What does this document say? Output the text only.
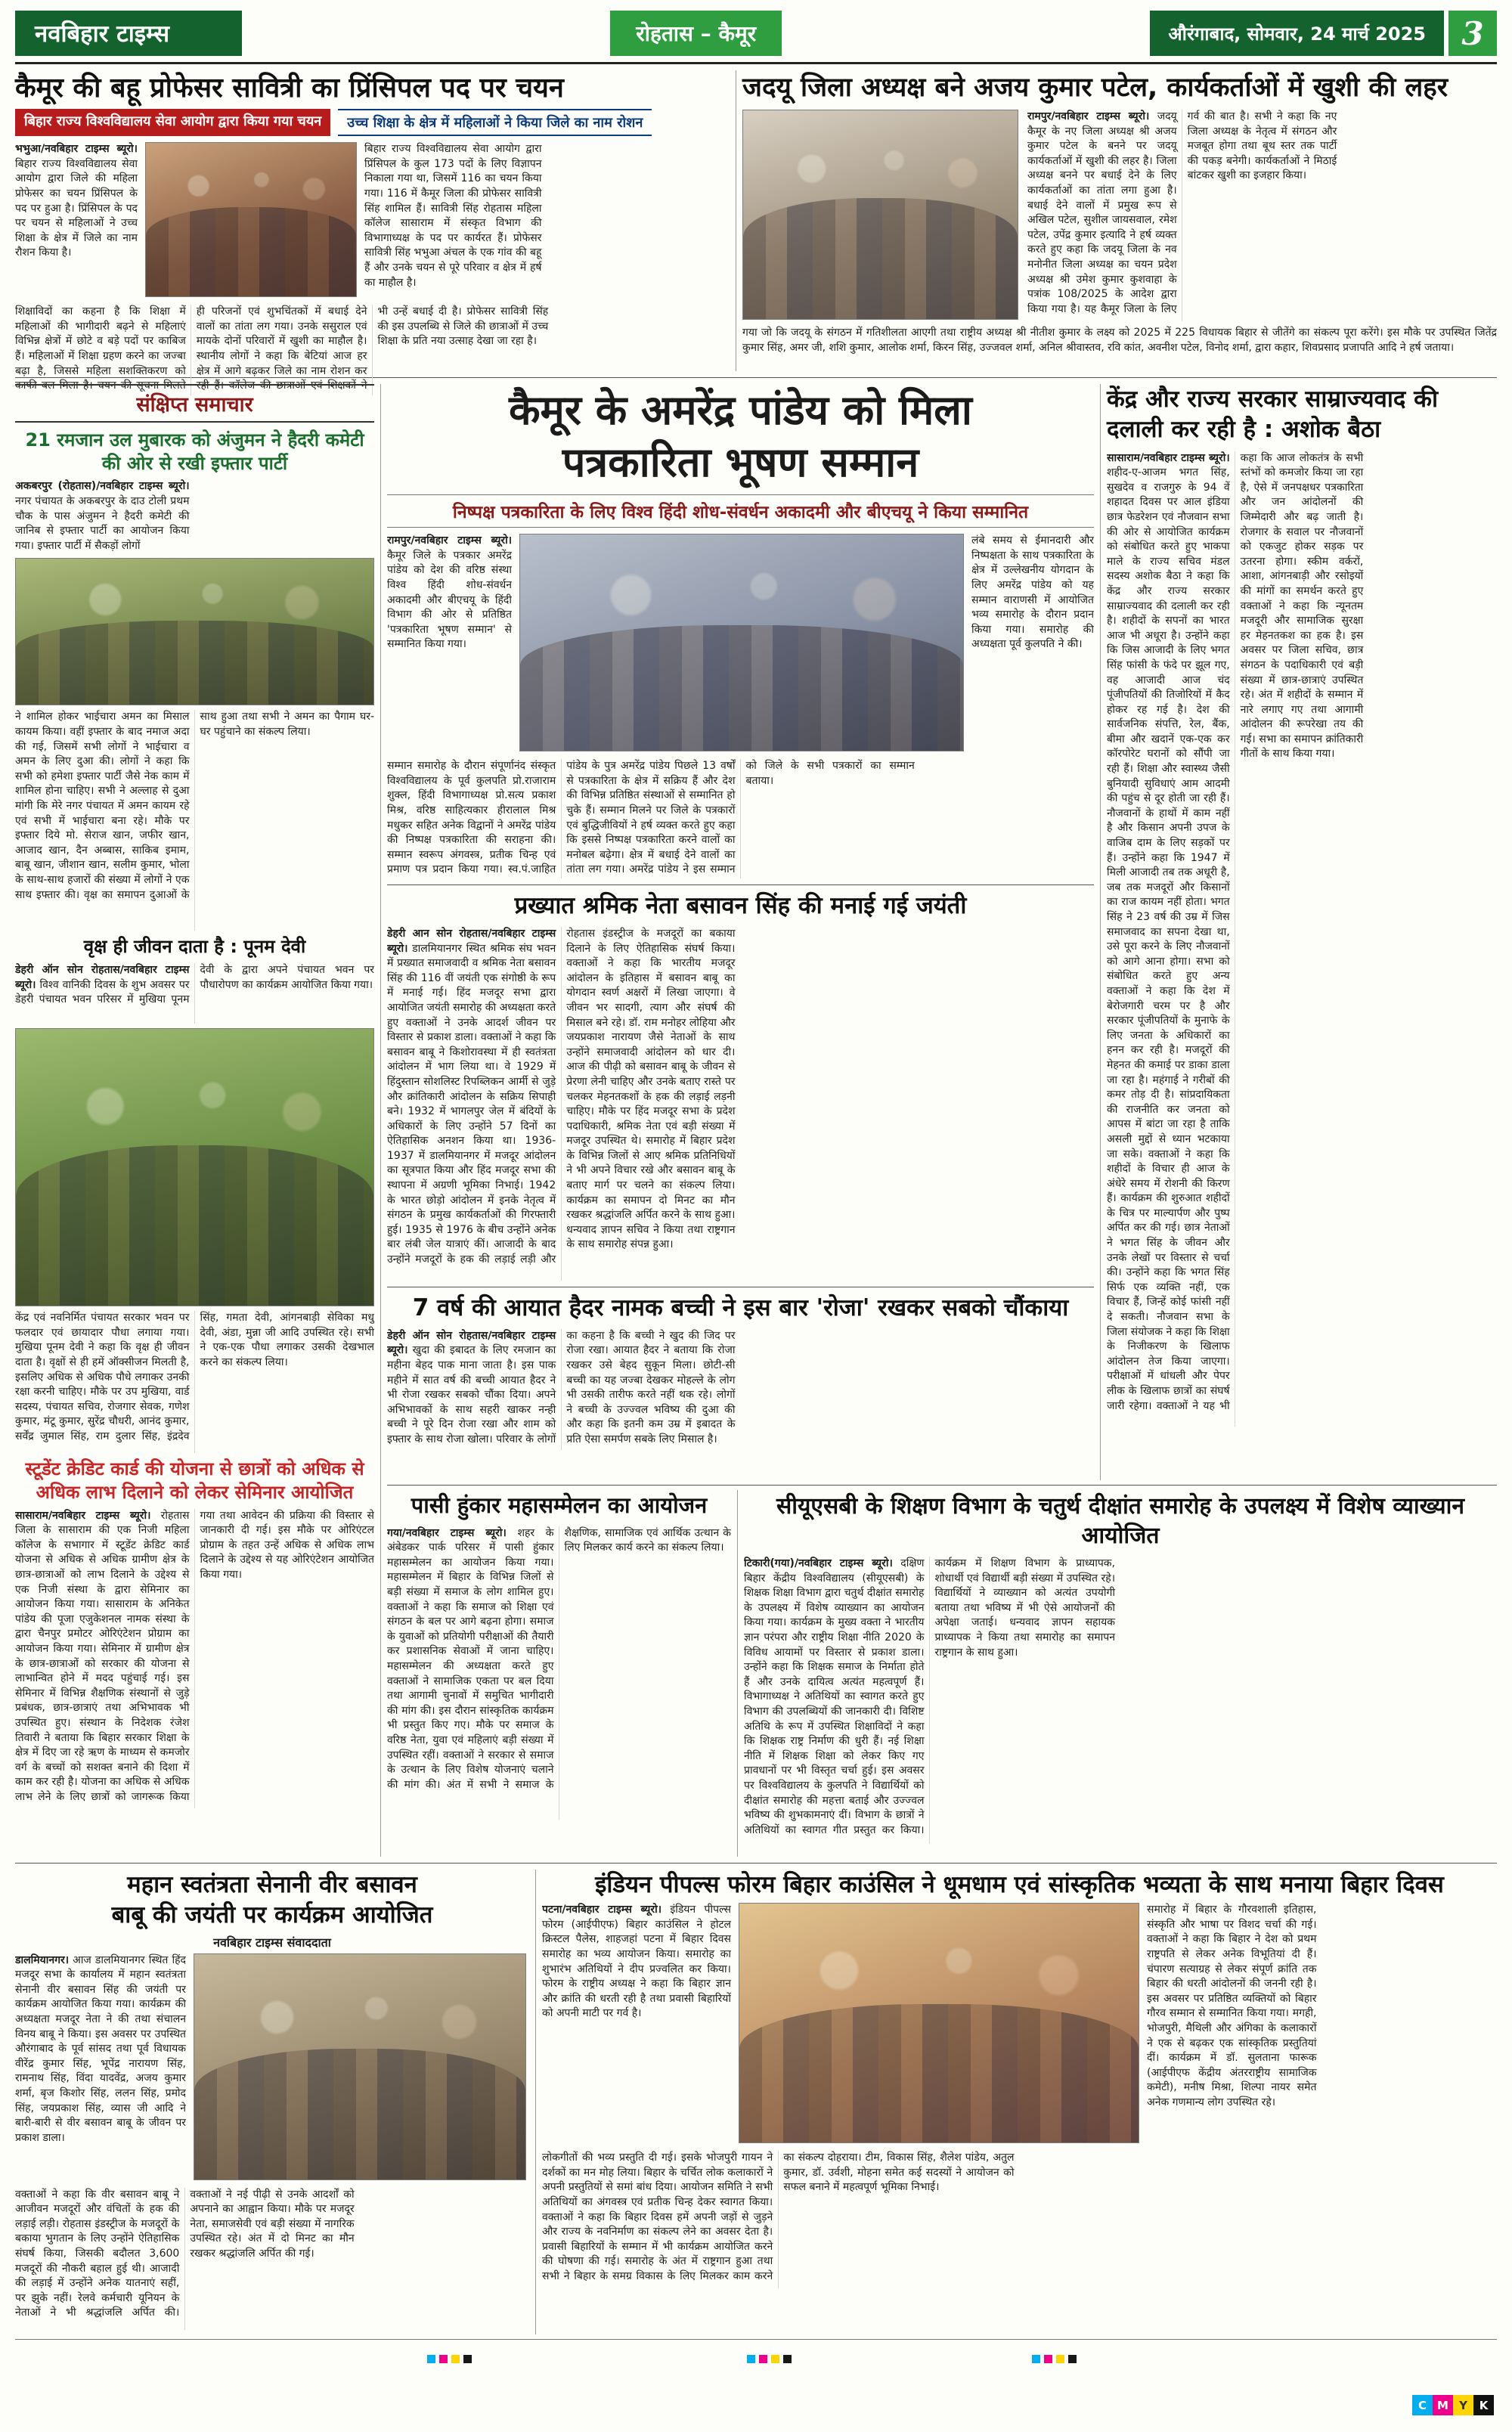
नवबिहार टाइम्स	रोहतास – कैमूर	औरंगाबाद, सोमवार, 24 मार्च 2025	3
कैमूर की बहू प्रोफेसर सावित्री का प्रिंसिपल पद पर चयन
बिहार राज्य विश्वविद्यालय सेवा आयोग द्वारा किया गया चयन	उच्च शिक्षा के क्षेत्र में महिलाओं ने किया जिले का नाम रोशन
भभुआ/नवबिहार टाइम्स ब्यूरो। बिहार राज्य विश्वविद्यालय सेवा आयोग द्वारा जिले की महिला प्रोफेसर का चयन प्रिंसिपल के पद पर हुआ है। प्रिंसिपल के पद पर चयन से महिलाओं ने उच्च शिक्षा के क्षेत्र में जिले का नाम रौशन किया है।
बिहार राज्य विश्वविद्यालय सेवा आयोग द्वारा प्रिंसिपल के कुल 173 पदों के लिए विज्ञापन निकाला गया था, जिसमें 116 का चयन किया गया। 116 में कैमूर जिला की प्रोफेसर सावित्री सिंह शामिल हैं। सावित्री सिंह रोहतास महिला कॉलेज सासाराम में संस्कृत विभाग की विभागाध्यक्ष के पद पर कार्यरत हैं। प्रोफेसर सावित्री सिंह भभुआ अंचल के एक गांव की बहू हैं और उनके चयन से पूरे परिवार व क्षेत्र में हर्ष का माहौल है।
शिक्षाविदों का कहना है कि शिक्षा में महिलाओं की भागीदारी बढ़ने से महिलाएं विभिन्न क्षेत्रों में छोटे व बड़े पदों पर काबिज हैं। महिलाओं में शिक्षा ग्रहण करने का जज्बा बढ़ा है, जिससे महिला सशक्तिकरण को काफी बल मिला है। चयन की सूचना मिलते ही परिजनों एवं शुभचिंतकों में बधाई देने वालों का तांता लग गया। उनके ससुराल एवं मायके दोनों परिवारों में खुशी का माहौल है। स्थानीय लोगों ने कहा कि बेटियां आज हर क्षेत्र में आगे बढ़कर जिले का नाम रोशन कर रही हैं। कॉलेज की छात्राओं एवं शिक्षकों ने भी उन्हें बधाई दी है। प्रोफेसर सावित्री सिंह की इस उपलब्धि से जिले की छात्राओं में उच्च शिक्षा के प्रति नया उत्साह देखा जा रहा है।
जदयू जिला अध्यक्ष बने अजय कुमार पटेल, कार्यकर्ताओं में खुशी की लहर
रामपुर/नवबिहार टाइम्स ब्यूरो। जदयू कैमूर के नए जिला अध्यक्ष श्री अजय कुमार पटेल के बनने पर जदयू कार्यकर्ताओं में खुशी की लहर है। जिला अध्यक्ष बनने पर बधाई देने के लिए कार्यकर्ताओं का तांता लगा हुआ है। बधाई देने वालों में प्रमुख रूप से अखिल पटेल, सुशील जायसवाल, रमेश पटेल, उपेंद्र कुमार इत्यादि ने हर्ष व्यक्त करते हुए कहा कि जदयू जिला के नव मनोनीत जिला अध्यक्ष का चयन प्रदेश अध्यक्ष श्री उमेश कुमार कुशवाहा के पत्रांक 108/2025 के आदेश द्वारा किया गया है। यह कैमूर जिला के लिए गर्व की बात है। सभी ने कहा कि नए जिला अध्यक्ष के नेतृत्व में संगठन और मजबूत होगा तथा बूथ स्तर तक पार्टी की पकड़ बनेगी। कार्यकर्ताओं ने मिठाई बांटकर खुशी का इजहार किया।
गया जो कि जदयू के संगठन में गतिशीलता आएगी तथा राष्ट्रीय अध्यक्ष श्री नीतीश कुमार के लक्ष्य को 2025 में 225 विधायक बिहार से जीतेंगे का संकल्प पूरा करेंगे। इस मौके पर उपस्थित जितेंद्र कुमार सिंह, अमर जी, शशि कुमार, आलोक शर्मा, किरन सिंह, उज्जवल शर्मा, अनिल श्रीवास्तव, रवि कांत, अवनीश पटेल, विनोद शर्मा, द्वारा कहार, शिवप्रसाद प्रजापति आदि ने हर्ष जताया।
संक्षिप्त समाचार
21 रमजान उल मुबारक को अंजुमन ने हैदरी कमेटी की ओर से रखी इफ्तार पार्टी
अकबरपुर (रोहतास)/नवबिहार टाइम्स ब्यूरो। नगर पंचायत के अकबरपुर के दाउ टोली प्रथम चौक के पास अंजुमन ने हैदरी कमेटी की जानिब से इफ्तार पार्टी का आयोजन किया गया। इफ्तार पार्टी में सैकड़ों लोगों
ने शामिल होकर भाईचारा अमन का मिसाल कायम किया। वहीं इफ्तार के बाद नमाज अदा की गई, जिसमें सभी लोगों ने भाईचारा व अमन के लिए दुआ की। लोगों ने कहा कि सभी को हमेशा इफ्तार पार्टी जैसे नेक काम में शामिल होना चाहिए। सभी ने अल्लाह से दुआ मांगी कि मेरे नगर पंचायत में अमन कायम रहे एवं सभी में भाईचारा बना रहे। मौके पर इफ्तार दिये मो. सेराज खान, जफीर खान, आजाद खान, दैन अब्बास, साकिब इमाम, बाबू खान, जीशान खान, सलीम कुमार, भोला के साथ-साथ हजारों की संख्या में लोगों ने एक साथ इफ्तार की। वृक्ष का समापन दुआओं के साथ हुआ तथा सभी ने अमन का पैगाम घर-घर पहुंचाने का संकल्प लिया।
वृक्ष ही जीवन दाता है : पूनम देवी
डेहरी ऑन सोन रोहतास/नवबिहार टाइम्स ब्यूरो। विश्व वानिकी दिवस के शुभ अवसर पर डेहरी पंचायत भवन परिसर में मुखिया पूनम देवी के द्वारा अपने पंचायत भवन पर पौधारोपण का कार्यक्रम आयोजित किया गया।
केंद्र एवं नवनिर्मित पंचायत सरकार भवन पर फलदार एवं छायादार पौधा लगाया गया। मुखिया पूनम देवी ने कहा कि वृक्ष ही जीवन दाता है। वृक्षों से ही हमें ऑक्सीजन मिलती है, इसलिए अधिक से अधिक पौधे लगाकर उनकी रक्षा करनी चाहिए। मौके पर उप मुखिया, वार्ड सदस्य, पंचायत सचिव, रोजगार सेवक, गणेश कुमार, मंटू कुमार, सुरेंद्र चौधरी, आनंद कुमार, सर्वेंद्र जुमाल सिंह, राम दुलार सिंह, इंद्रदेव सिंह, गमता देवी, आंगनबाड़ी सेविका मधु देवी, अंडा, मुन्ना जी आदि उपस्थित रहे। सभी ने एक-एक पौधा लगाकर उसकी देखभाल करने का संकल्प लिया।
स्टूडेंट क्रेडिट कार्ड की योजना से छात्रों को अधिक से अधिक लाभ दिलाने को लेकर सेमिनार आयोजित
सासाराम/नवबिहार टाइम्स ब्यूरो। रोहतास जिला के सासाराम की एक निजी महिला कॉलेज के सभागार में स्टूडेंट क्रेडिट कार्ड योजना से अधिक से अधिक ग्रामीण क्षेत्र के छात्र-छात्राओं को लाभ दिलाने के उद्देश्य से एक निजी संस्था के द्वारा सेमिनार का आयोजन किया गया। सासाराम के अनिकेत पांडेय की पूजा एजुकेशनल नामक संस्था के द्वारा चैनपुर प्रमोटर ओरिएंटेशन प्रोग्राम का आयोजन किया गया। सेमिनार में ग्रामीण क्षेत्र के छात्र-छात्राओं को सरकार की योजना से लाभान्वित होने में मदद पहुंचाई गई। इस सेमिनार में विभिन्न शैक्षणिक संस्थानों से जुड़े प्रबंधक, छात्र-छात्राएं तथा अभिभावक भी उपस्थित हुए। संस्थान के निदेशक रंजेश तिवारी ने बताया कि बिहार सरकार शिक्षा के क्षेत्र में दिए जा रहे ऋण के माध्यम से कमजोर वर्ग के बच्चों को सशक्त बनाने की दिशा में काम कर रही है। योजना का अधिक से अधिक लाभ लेने के लिए छात्रों को जागरूक किया गया तथा आवेदन की प्रक्रिया की विस्तार से जानकारी दी गई। इस मौके पर ओरिएंटल प्रोग्राम के तहत उन्हें अधिक से अधिक लाभ दिलाने के उद्देश्य से यह ओरिएंटेशन आयोजित किया गया।
कैमूर के अमरेंद्र पांडेय को मिला
पत्रकारिता भूषण सम्मान
निष्पक्ष पत्रकारिता के लिए विश्व हिंदी शोध-संवर्धन अकादमी और बीएचयू ने किया सम्मानित
रामपुर/नवबिहार टाइम्स ब्यूरो। कैमूर जिले के पत्रकार अमरेंद्र पांडेय को देश की वरिष्ठ संस्था विश्व हिंदी शोध-संवर्धन अकादमी और बीएचयू के हिंदी विभाग की ओर से प्रतिष्ठित 'पत्रकारिता भूषण सम्मान' से सम्मानित किया गया।
लंबे समय से ईमानदारी और निष्पक्षता के साथ पत्रकारिता के क्षेत्र में उल्लेखनीय योगदान के लिए अमरेंद्र पांडेय को यह सम्मान वाराणसी में आयोजित भव्य समारोह के दौरान प्रदान किया गया। समारोह की अध्यक्षता पूर्व कुलपति ने की।
सम्मान समारोह के दौरान संपूर्णानंद संस्कृत विश्वविद्यालय के पूर्व कुलपति प्रो.राजाराम शुक्ल, हिंदी विभागाध्यक्ष प्रो.सत्य प्रकाश मिश्र, वरिष्ठ साहित्यकार हीरालाल मिश्र मधुकर सहित अनेक विद्वानों ने अमरेंद्र पांडेय की निष्पक्ष पत्रकारिता की सराहना की। सम्मान स्वरूप अंगवस्त्र, प्रतीक चिन्ह एवं प्रमाण पत्र प्रदान किया गया। स्व.पं.जाहित पांडेय के पुत्र अमरेंद्र पांडेय पिछले 13 वर्षों से पत्रकारिता के क्षेत्र में सक्रिय हैं और देश की विभिन्न प्रतिष्ठित संस्थाओं से सम्मानित हो चुके हैं। सम्मान मिलने पर जिले के पत्रकारों एवं बुद्धिजीवियों ने हर्ष व्यक्त करते हुए कहा कि इससे निष्पक्ष पत्रकारिता करने वालों का मनोबल बढ़ेगा। क्षेत्र में बधाई देने वालों का तांता लग गया। अमरेंद्र पांडेय ने इस सम्मान को जिले के सभी पत्रकारों का सम्मान बताया।
प्रख्यात श्रमिक नेता बसावन सिंह की मनाई गई जयंती
डेहरी आन सोन रोहतास/नवबिहार टाइम्स ब्यूरो। डालमियानगर स्थित श्रमिक संघ भवन में प्रख्यात समाजवादी व श्रमिक नेता बसावन सिंह की 116 वीं जयंती एक संगोष्ठी के रूप में मनाई गई। हिंद मजदूर सभा द्वारा आयोजित जयंती समारोह की अध्यक्षता करते हुए वक्ताओं ने उनके आदर्श जीवन पर विस्तार से प्रकाश डाला। वक्ताओं ने कहा कि बसावन बाबू ने किशोरावस्था में ही स्वतंत्रता आंदोलन में भाग लिया था। वे 1929 में हिंदुस्तान सोशलिस्ट रिपब्लिकन आर्मी से जुड़े और क्रांतिकारी आंदोलन के सक्रिय सिपाही बने। 1932 में भागलपुर जेल में बंदियों के अधिकारों के लिए उन्होंने 57 दिनों का ऐतिहासिक अनशन किया था। 1936-1937 में डालमियानगर में मजदूर आंदोलन का सूत्रपात किया और हिंद मजदूर सभा की स्थापना में अग्रणी भूमिका निभाई। 1942 के भारत छोड़ो आंदोलन में इनके नेतृत्व में संगठन के प्रमुख कार्यकर्ताओं की गिरफ्तारी हुई। 1935 से 1976 के बीच उन्होंने अनेक बार लंबी जेल यात्राएं कीं। आजादी के बाद उन्होंने मजदूरों के हक की लड़ाई लड़ी और रोहतास इंडस्ट्रीज के मजदूरों का बकाया दिलाने के लिए ऐतिहासिक संघर्ष किया। वक्ताओं ने कहा कि भारतीय मजदूर आंदोलन के इतिहास में बसावन बाबू का योगदान स्वर्ण अक्षरों में लिखा जाएगा। वे जीवन भर सादगी, त्याग और संघर्ष की मिसाल बने रहे। डॉ. राम मनोहर लोहिया और जयप्रकाश नारायण जैसे नेताओं के साथ उन्होंने समाजवादी आंदोलन को धार दी। आज की पीढ़ी को बसावन बाबू के जीवन से प्रेरणा लेनी चाहिए और उनके बताए रास्ते पर चलकर मेहनतकशों के हक की लड़ाई लड़नी चाहिए। मौके पर हिंद मजदूर सभा के प्रदेश पदाधिकारी, श्रमिक नेता एवं बड़ी संख्या में मजदूर उपस्थित थे। समारोह में बिहार प्रदेश के विभिन्न जिलों से आए श्रमिक प्रतिनिधियों ने भी अपने विचार रखे और बसावन बाबू के बताए मार्ग पर चलने का संकल्प लिया। कार्यक्रम का समापन दो मिनट का मौन रखकर श्रद्धांजलि अर्पित करने के साथ हुआ। धन्यवाद ज्ञापन सचिव ने किया तथा राष्ट्रगान के साथ समारोह संपन्न हुआ।
7 वर्ष की आयात हैदर नामक बच्ची ने इस बार 'रोजा' रखकर सबको चौंकाया
डेहरी ऑन सोन रोहतास/नवबिहार टाइम्स ब्यूरो। खुदा की इबादत के लिए रमजान का महीना बेहद पाक माना जाता है। इस पाक महीने में सात वर्ष की बच्ची आयात हैदर ने भी रोजा रखकर सबको चौंका दिया। अपने अभिभावकों के साथ सहरी खाकर नन्ही बच्ची ने पूरे दिन रोजा रखा और शाम को इफ्तार के साथ रोजा खोला। परिवार के लोगों का कहना है कि बच्ची ने खुद की जिद पर रोजा रखा। आयात हैदर ने बताया कि रोजा रखकर उसे बेहद सुकून मिला। छोटी-सी बच्ची का यह जज्बा देखकर मोहल्ले के लोग भी उसकी तारीफ करते नहीं थक रहे। लोगों ने बच्ची के उज्ज्वल भविष्य की दुआ की और कहा कि इतनी कम उम्र में इबादत के प्रति ऐसा समर्पण सबके लिए मिसाल है।
केंद्र और राज्य सरकार साम्राज्यवाद की दलाली कर रही है : अशोक बैठा
सासाराम/नवबिहार टाइम्स ब्यूरो। शहीद-ए-आजम भगत सिंह, सुखदेव व राजगुरु के 94 वें शहादत दिवस पर आल इंडिया छात्र फेडरेशन एवं नौजवान सभा की ओर से आयोजित कार्यक्रम को संबोधित करते हुए भाकपा माले के राज्य सचिव मंडल सदस्य अशोक बैठा ने कहा कि केंद्र और राज्य सरकार साम्राज्यवाद की दलाली कर रही है। शहीदों के सपनों का भारत आज भी अधूरा है। उन्होंने कहा कि जिस आजादी के लिए भगत सिंह फांसी के फंदे पर झूल गए, वह आजादी आज चंद पूंजीपतियों की तिजोरियों में कैद होकर रह गई है। देश की सार्वजनिक संपत्ति, रेल, बैंक, बीमा और खदानें एक-एक कर कॉरपोरेट घरानों को सौंपी जा रही हैं। शिक्षा और स्वास्थ्य जैसी बुनियादी सुविधाएं आम आदमी की पहुंच से दूर होती जा रही हैं। नौजवानों के हाथों में काम नहीं है और किसान अपनी उपज के वाजिब दाम के लिए सड़कों पर हैं। उन्होंने कहा कि 1947 में मिली आजादी तब तक अधूरी है, जब तक मजदूरों और किसानों का राज कायम नहीं होता। भगत सिंह ने 23 वर्ष की उम्र में जिस समाजवाद का सपना देखा था, उसे पूरा करने के लिए नौजवानों को आगे आना होगा। सभा को संबोधित करते हुए अन्य वक्ताओं ने कहा कि देश में बेरोजगारी चरम पर है और सरकार पूंजीपतियों के मुनाफे के लिए जनता के अधिकारों का हनन कर रही है। मजदूरों की मेहनत की कमाई पर डाका डाला जा रहा है। महंगाई ने गरीबों की कमर तोड़ दी है। सांप्रदायिकता की राजनीति कर जनता को आपस में बांटा जा रहा है ताकि असली मुद्दों से ध्यान भटकाया जा सके। वक्ताओं ने कहा कि शहीदों के विचार ही आज के अंधेरे समय में रोशनी की किरण हैं। कार्यक्रम की शुरुआत शहीदों के चित्र पर माल्यार्पण और पुष्प अर्पित कर की गई। छात्र नेताओं ने भगत सिंह के जीवन और उनके लेखों पर विस्तार से चर्चा की। उन्होंने कहा कि भगत सिंह सिर्फ एक व्यक्ति नहीं, एक विचार हैं, जिन्हें कोई फांसी नहीं दे सकती। नौजवान सभा के जिला संयोजक ने कहा कि शिक्षा के निजीकरण के खिलाफ आंदोलन तेज किया जाएगा। परीक्षाओं में धांधली और पेपर लीक के खिलाफ छात्रों का संघर्ष जारी रहेगा। वक्ताओं ने यह भी कहा कि आज लोकतंत्र के सभी स्तंभों को कमजोर किया जा रहा है, ऐसे में जनपक्षधर पत्रकारिता और जन आंदोलनों की जिम्मेदारी और बढ़ जाती है। रोजगार के सवाल पर नौजवानों को एकजुट होकर सड़क पर उतरना होगा। स्कीम वर्करों, आशा, आंगनबाड़ी और रसोइयों की मांगों का समर्थन करते हुए वक्ताओं ने कहा कि न्यूनतम मजदूरी और सामाजिक सुरक्षा हर मेहनतकश का हक है। इस अवसर पर जिला सचिव, छात्र संगठन के पदाधिकारी एवं बड़ी संख्या में छात्र-छात्राएं उपस्थित रहे। अंत में शहीदों के सम्मान में नारे लगाए गए तथा आगामी आंदोलन की रूपरेखा तय की गई। सभा का समापन क्रांतिकारी गीतों के साथ किया गया।
पासी हुंकार महासम्मेलन का आयोजन
गया/नवबिहार टाइम्स ब्यूरो। शहर के अंबेडकर पार्क परिसर में पासी हुंकार महासम्मेलन का आयोजन किया गया। महासम्मेलन में बिहार के विभिन्न जिलों से बड़ी संख्या में समाज के लोग शामिल हुए। वक्ताओं ने कहा कि समाज को शिक्षा एवं संगठन के बल पर आगे बढ़ना होगा। समाज के युवाओं को प्रतियोगी परीक्षाओं की तैयारी कर प्रशासनिक सेवाओं में जाना चाहिए। महासम्मेलन की अध्यक्षता करते हुए वक्ताओं ने सामाजिक एकता पर बल दिया तथा आगामी चुनावों में समुचित भागीदारी की मांग की। इस दौरान सांस्कृतिक कार्यक्रम भी प्रस्तुत किए गए। मौके पर समाज के वरिष्ठ नेता, युवा एवं महिलाएं बड़ी संख्या में उपस्थित रहीं। वक्ताओं ने सरकार से समाज के उत्थान के लिए विशेष योजनाएं चलाने की मांग की। अंत में सभी ने समाज के शैक्षणिक, सामाजिक एवं आर्थिक उत्थान के लिए मिलकर कार्य करने का संकल्प लिया।
सीयूएसबी के शिक्षण विभाग के चतुर्थ दीक्षांत समारोह के उपलक्ष्य में विशेष व्याख्यान आयोजित
टिकारी(गया)/नवबिहार टाइम्स ब्यूरो। दक्षिण बिहार केंद्रीय विश्वविद्यालय (सीयूएसबी) के शिक्षक शिक्षा विभाग द्वारा चतुर्थ दीक्षांत समारोह के उपलक्ष्य में विशेष व्याख्यान का आयोजन किया गया। कार्यक्रम के मुख्य वक्ता ने भारतीय ज्ञान परंपरा और राष्ट्रीय शिक्षा नीति 2020 के विविध आयामों पर विस्तार से प्रकाश डाला। उन्होंने कहा कि शिक्षक समाज के निर्माता होते हैं और उनके दायित्व अत्यंत महत्वपूर्ण हैं। विभागाध्यक्ष ने अतिथियों का स्वागत करते हुए विभाग की उपलब्धियों की जानकारी दी। विशिष्ट अतिथि के रूप में उपस्थित शिक्षाविदों ने कहा कि शिक्षक राष्ट्र निर्माण की धुरी हैं। नई शिक्षा नीति में शिक्षक शिक्षा को लेकर किए गए प्रावधानों पर भी विस्तृत चर्चा हुई। इस अवसर पर विश्वविद्यालय के कुलपति ने विद्यार्थियों को दीक्षांत समारोह की महत्ता बताई और उज्ज्वल भविष्य की शुभकामनाएं दीं। विभाग के छात्रों ने अतिथियों का स्वागत गीत प्रस्तुत कर किया। कार्यक्रम में शिक्षण विभाग के प्राध्यापक, शोधार्थी एवं विद्यार्थी बड़ी संख्या में उपस्थित रहे। विद्यार्थियों ने व्याख्यान को अत्यंत उपयोगी बताया तथा भविष्य में भी ऐसे आयोजनों की अपेक्षा जताई। धन्यवाद ज्ञापन सहायक प्राध्यापक ने किया तथा समारोह का समापन राष्ट्रगान के साथ हुआ।
महान स्वतंत्रता सेनानी वीर बसावन
बाबू की जयंती पर कार्यक्रम आयोजित
नवबिहार टाइम्स संवाददाता
डालमियानगर। आज डालमियानगर स्थित हिंद मजदूर सभा के कार्यालय में महान स्वतंत्रता सेनानी वीर बसावन सिंह की जयंती पर कार्यक्रम आयोजित किया गया। कार्यक्रम की अध्यक्षता मजदूर नेता ने की तथा संचालन विनय बाबू ने किया। इस अवसर पर उपस्थित औरंगाबाद के पूर्व सांसद तथा पूर्व विधायक वीरेंद्र कुमार सिंह, भूपेंद्र नारायण सिंह, रामनाथ सिंह, विंदा यादवेंद्र, अजय कुमार शर्मा, बृज किशोर सिंह, ललन सिंह, प्रमोद सिंह, जयप्रकाश सिंह, व्यास जी आदि ने बारी-बारी से वीर बसावन बाबू के जीवन पर प्रकाश डाला।
वक्ताओं ने कहा कि वीर बसावन बाबू ने आजीवन मजदूरों और वंचितों के हक की लड़ाई लड़ी। रोहतास इंडस्ट्रीज के मजदूरों के बकाया भुगतान के लिए उन्होंने ऐतिहासिक संघर्ष किया, जिसकी बदौलत 3,600 मजदूरों की नौकरी बहाल हुई थी। आजादी की लड़ाई में उन्होंने अनेक यातनाएं सहीं, पर झुके नहीं। रेलवे कर्मचारी यूनियन के नेताओं ने भी श्रद्धांजलि अर्पित की। वक्ताओं ने नई पीढ़ी से उनके आदर्शों को अपनाने का आह्वान किया। मौके पर मजदूर नेता, समाजसेवी एवं बड़ी संख्या में नागरिक उपस्थित रहे। अंत में दो मिनट का मौन रखकर श्रद्धांजलि अर्पित की गई।
इंडियन पीपल्स फोरम बिहार काउंसिल ने धूमधाम एवं सांस्कृतिक भव्यता के साथ मनाया बिहार दिवस
पटना/नवबिहार टाइम्स ब्यूरो। इंडियन पीपल्स फोरम (आईपीएफ) बिहार काउंसिल ने होटल क्रिस्टल पैलेस, शाहजहां पटना में बिहार दिवस समारोह का भव्य आयोजन किया। समारोह का शुभारंभ अतिथियों ने दीप प्रज्वलित कर किया। फोरम के राष्ट्रीय अध्यक्ष ने कहा कि बिहार ज्ञान और क्रांति की धरती रही है तथा प्रवासी बिहारियों को अपनी माटी पर गर्व है।
समारोह में बिहार के गौरवशाली इतिहास, संस्कृति और भाषा पर विशद चर्चा की गई। वक्ताओं ने कहा कि बिहार ने देश को प्रथम राष्ट्रपति से लेकर अनेक विभूतियां दी हैं। चंपारण सत्याग्रह से लेकर संपूर्ण क्रांति तक बिहार की धरती आंदोलनों की जननी रही है। इस अवसर पर प्रतिष्ठित व्यक्तियों को बिहार गौरव सम्मान से सम्मानित किया गया। मगही, भोजपुरी, मैथिली और अंगिका के कलाकारों ने एक से बढ़कर एक सांस्कृतिक प्रस्तुतियां दीं। कार्यक्रम में डॉ. सुलताना फारूक (आईपीएफ केंद्रीय अंतरराष्ट्रीय सामाजिक कमेटी), मनीष मिश्रा, शिल्पा नायर समेत अनेक गणमान्य लोग उपस्थित रहे।
लोकगीतों की भव्य प्रस्तुति दी गई। इसके भोजपुरी गायन ने दर्शकों का मन मोह लिया। बिहार के चर्चित लोक कलाकारों ने अपनी प्रस्तुतियों से समां बांध दिया। आयोजन समिति ने सभी अतिथियों का अंगवस्त्र एवं प्रतीक चिन्ह देकर स्वागत किया। वक्ताओं ने कहा कि बिहार दिवस हमें अपनी जड़ों से जुड़ने और राज्य के नवनिर्माण का संकल्प लेने का अवसर देता है। प्रवासी बिहारियों के सम्मान में भी कार्यक्रम आयोजित करने की घोषणा की गई। समारोह के अंत में राष्ट्रगान हुआ तथा सभी ने बिहार के समग्र विकास के लिए मिलकर काम करने का संकल्प दोहराया। टीम, विकास सिंह, शैलेश पांडेय, अतुल कुमार, डॉ. उर्वशी, मोहना समेत कई सदस्यों ने आयोजन को सफल बनाने में महत्वपूर्ण भूमिका निभाई।
C M Y	K
